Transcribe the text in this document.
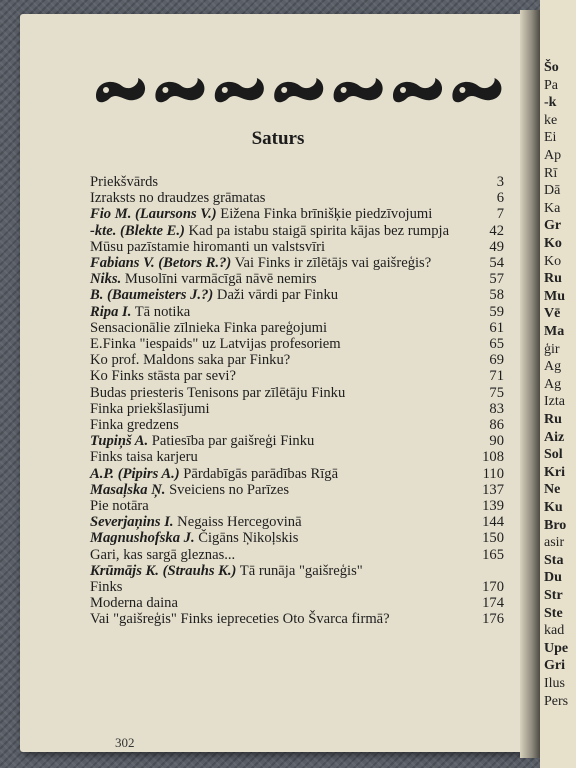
Šo
Pa
-k
ke
Ei
Ap
Rī
Dā
Ka
Gr
Ko
Ko
Ru
Mu
Vē
Ma
ģir
Ag
Ag
Izta
Ru
Aiz
Sol
Kri
Ne
Ku
Bro
asir
Sta
Du
Str
Ste
kad
Upe
Gri
Ilus
Pers
Saturs
Priekšvārds	3
Izraksts no draudzes grāmatas	6
Fio M. (Laursons V.) Eižena Finka brīnišķie piedzīvojumi	7
-kte. (Blekte E.) Kad pa istabu staigā spirita kājas bez rumpja	42
Mūsu pazīstamie hiromanti un valstsvīri	49
Fabians V. (Betors R.?) Vai Finks ir zīlētājs vai gaišreģis?	54
Niks. Musolīni varmācīgā nāvē nemirs	57
B. (Baumeisters J.?) Daži vārdi par Finku	58
Ripa I. Tā notika	59
Sensacionālie zīlnieka Finka pareģojumi	61
E.Finka "iespaids" uz Latvijas profesoriem	65
Ko prof. Maldons saka par Finku?	69
Ko Finks stāsta par sevi?	71
Budas priesteris Tenisons par zīlētāju Finku	75
Finka priekšlasījumi	83
Finka gredzens	86
Tupiņš A. Patiesība par gaišreģi Finku	90
Finks taisa karjeru	108
A.P. (Pipirs A.) Pārdabīgās parādības Rīgā	110
Masaļska Ņ. Sveiciens no Parīzes	137
Pie notāra	139
Severjaņins I. Negaiss Hercegovinā	144
Magnushofska J. Čigāns Ņikoļskis	150
Gari, kas sargā gleznas...	165
Krūmājs K. (Strauhs K.) Tā runāja "gaišreģis"
Finks	170
Moderna daina	174
Vai "gaišreģis" Finks iepreceties Oto Švarca firmā?	176
302
